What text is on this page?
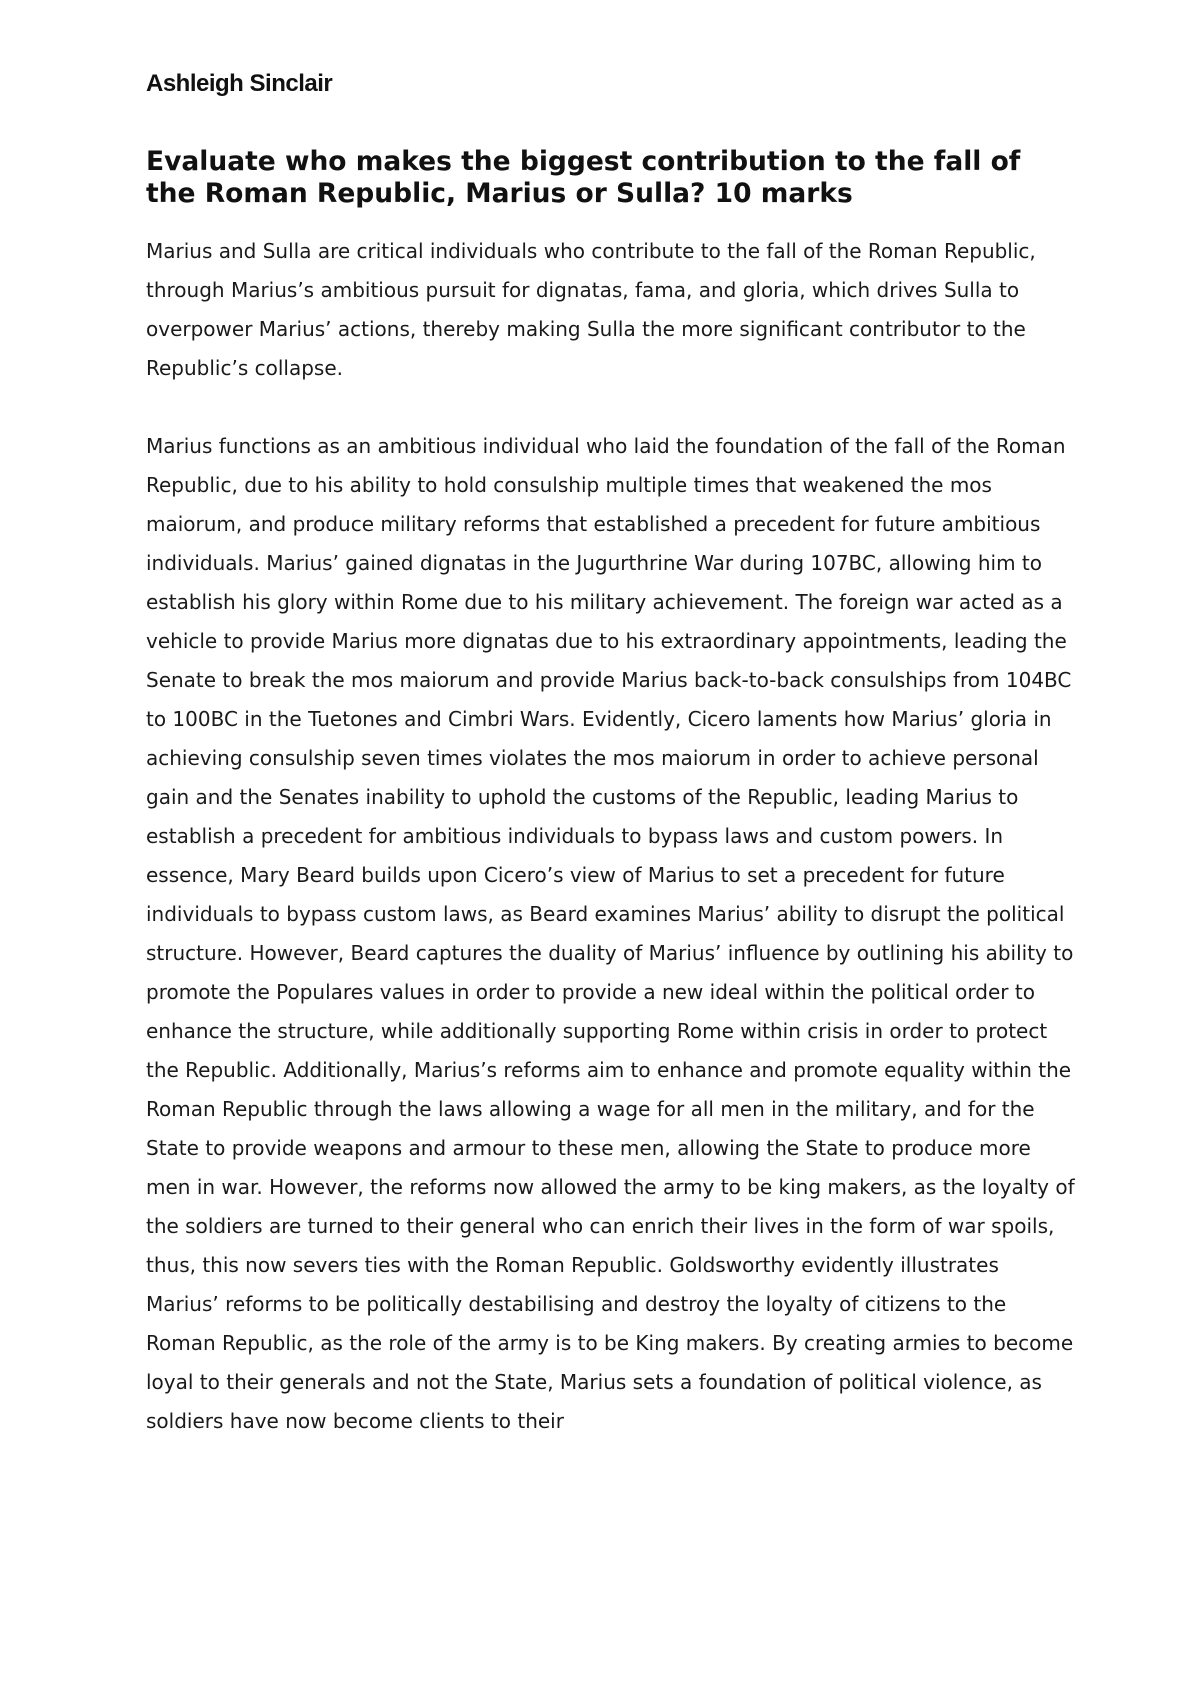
Ashleigh Sinclair

Evaluate who makes the biggest contribution to the fall of the Roman Republic, Marius or Sulla? 10 marks

Marius and Sulla are critical individuals who contribute to the fall of the Roman Republic, through Marius’s ambitious pursuit for dignatas, fama, and gloria, which drives Sulla to overpower Marius’ actions, thereby making Sulla the more significant contributor to the Republic’s collapse.

Marius functions as an ambitious individual who laid the foundation of the fall of the Roman Republic, due to his ability to hold consulship multiple times that weakened the mos maiorum, and produce military reforms that established a precedent for future ambitious individuals. Marius’ gained dignatas in the Jugurthrine War during 107BC, allowing him to establish his glory within Rome due to his military achievement. The foreign war acted as a vehicle to provide Marius more dignatas due to his extraordinary appointments, leading the Senate to break the mos maiorum and provide Marius back-to-back consulships from 104BC to 100BC in the Tuetones and Cimbri Wars. Evidently, Cicero laments how Marius’ gloria in achieving consulship seven times violates the mos maiorum in order to achieve personal gain and the Senates inability to uphold the customs of the Republic, leading Marius to establish a precedent for ambitious individuals to bypass laws and custom powers. In essence, Mary Beard builds upon Cicero’s view of Marius to set a precedent for future individuals to bypass custom laws, as Beard examines Marius’ ability to disrupt the political structure. However, Beard captures the duality of Marius’ influence by outlining his ability to promote the Populares values in order to provide a new ideal within the political order to enhance the structure, while additionally supporting Rome within crisis in order to protect the Republic. Additionally, Marius’s reforms aim to enhance and promote equality within the Roman Republic through the laws allowing a wage for all men in the military, and for the State to provide weapons and armour to these men, allowing the State to produce more men in war. However, the reforms now allowed the army to be king makers, as the loyalty of the soldiers are turned to their general who can enrich their lives in the form of war spoils, thus, this now severs ties with the Roman Republic. Goldsworthy evidently illustrates Marius’ reforms to be politically destabilising and destroy the loyalty of citizens to the Roman Republic, as the role of the army is to be King makers. By creating armies to become loyal to their generals and not the State, Marius sets a foundation of political violence, as soldiers have now become clients to their
